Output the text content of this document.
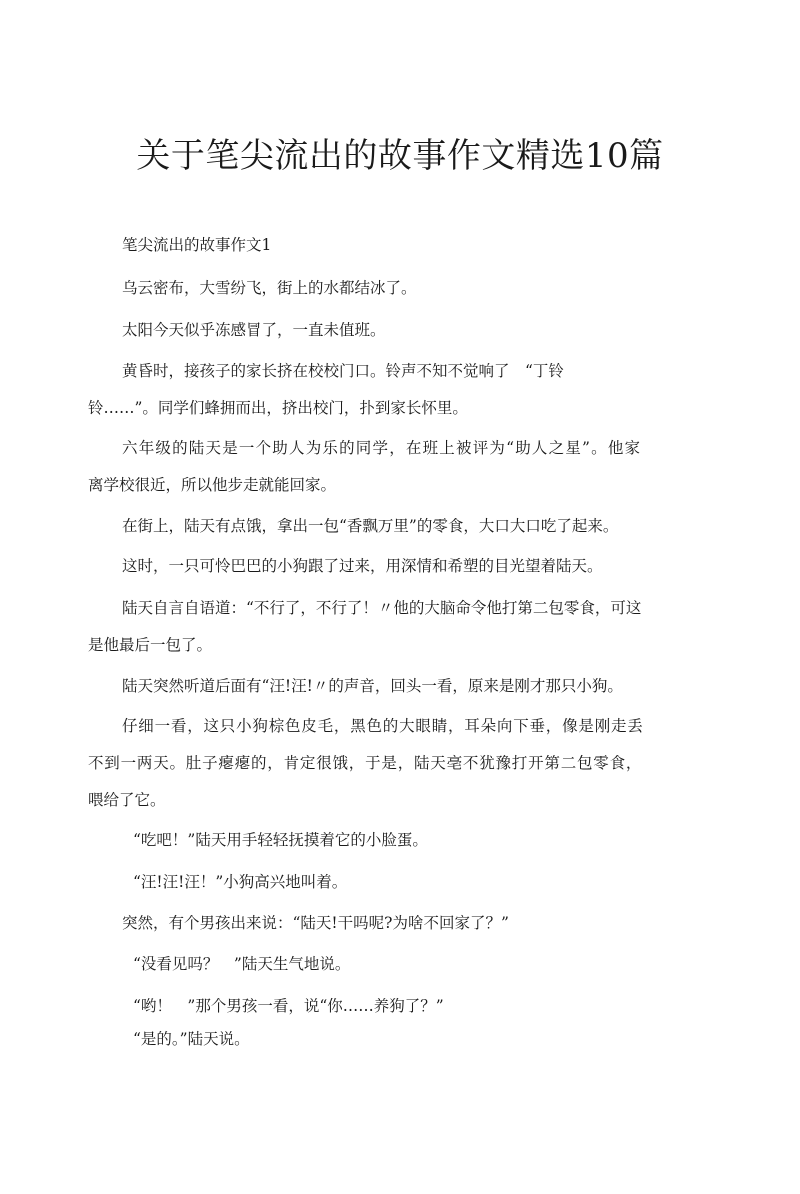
关于笔尖流出的故事作文精选10篇

笔尖流出的故事作文1

乌云密布，大雪纷飞，街上的水都结冰了。

太阳今天似乎冻感冒了，一直未值班。

黄昏时，接孩子的家长挤在校校门口。铃声不知不觉响了　“丁铃

铃……”。同学们蜂拥而出，挤出校门，扑到家长怀里。

六年级的陆天是一个助人为乐的同学，在班上被评为“助人之星”。他家

离学校很近，所以他步走就能回家。

在街上，陆天有点饿，拿出一包“香飘万里”的零食，大口大口吃了起来。

这时，一只可怜巴巴的小狗跟了过来，用深情和希塑的目光望着陆天。

陆天自言自语道：“不行了，不行了！〃他的大脑命令他打第二包零食，可这

是他最后一包了。

陆天突然听道后面有“汪!汪!〃的声音，回头一看，原来是刚才那只小狗。

仔细一看，这只小狗棕色皮毛，黑色的大眼睛，耳朵向下垂，像是刚走丢

不到一两天。肚子瘪瘪的，肯定很饿，于是，陆天亳不犹豫打开第二包零食，

喂给了它。

“吃吧！”陆天用手轻轻抚摸着它的小脸蛋。

“汪!汪!汪！”小狗高兴地叫着。

突然，有个男孩出来说：“陆天!干吗呢?为啥不回家了？”

“没看见吗？　”陆天生气地说。

“哟！　”那个男孩一看，说“你……养狗了？”

“是的。”陆天说。
